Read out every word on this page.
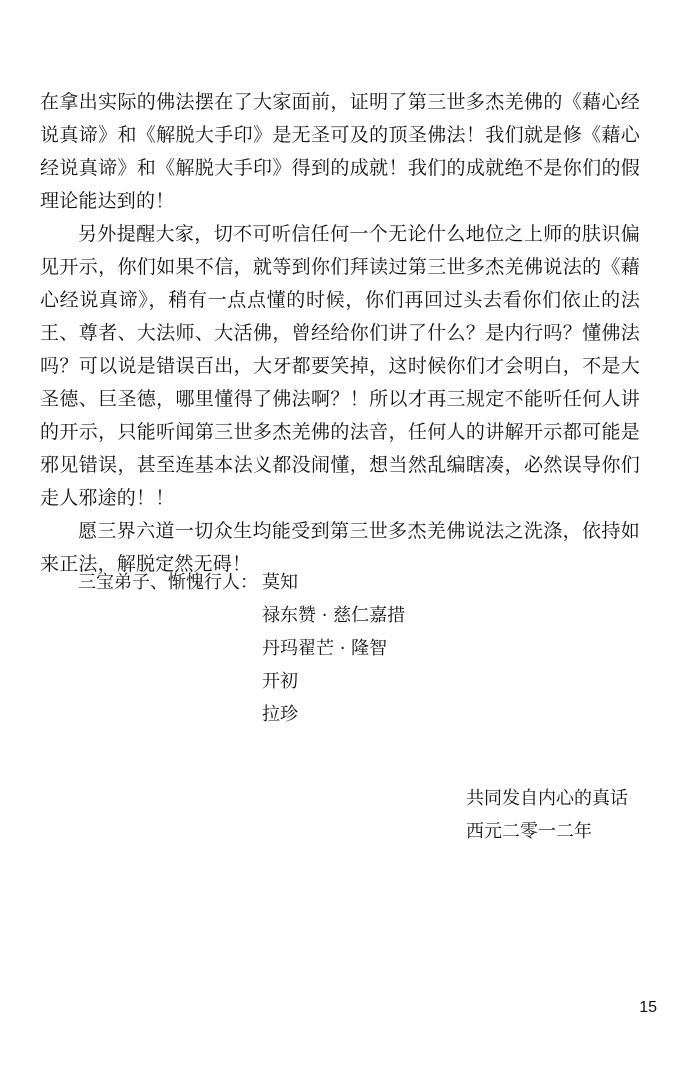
在拿出实际的佛法摆在了大家面前，证明了第三世多杰羌佛的《藉心经说真谛》和《解脱大手印》是无圣可及的顶圣佛法！我们就是修《藉心经说真谛》和《解脱大手印》得到的成就！我们的成就绝不是你们的假理论能达到的！

另外提醒大家，切不可听信任何一个无论什么地位之上师的肤识偏见开示，你们如果不信，就等到你们拜读过第三世多杰羌佛说法的《藉心经说真谛》，稍有一点点懂的时候，你们再回过头去看你们依止的法王、尊者、大法师、大活佛，曾经给你们讲了什么？是内行吗？懂佛法吗？可以说是错误百出，大牙都要笑掉，这时候你们才会明白，不是大圣德、巨圣德，哪里懂得了佛法啊？！所以才再三规定不能听任何人讲的开示，只能听闻第三世多杰羌佛的法音，任何人的讲解开示都可能是邪见错误，甚至连基本法义都没闹懂，想当然乱编瞎凑，必然误导你们走人邪途的！！

愿三界六道一切众生均能受到第三世多杰羌佛说法之洗涤，依持如来正法，解脱定然无碍！

三宝弟子、惭愧行人： 莫知
禄东赞 · 慈仁嘉措
丹玛翟芒 · 隆智
开初
拉珍
共同发自内心的真话
西元二零一二年
15
